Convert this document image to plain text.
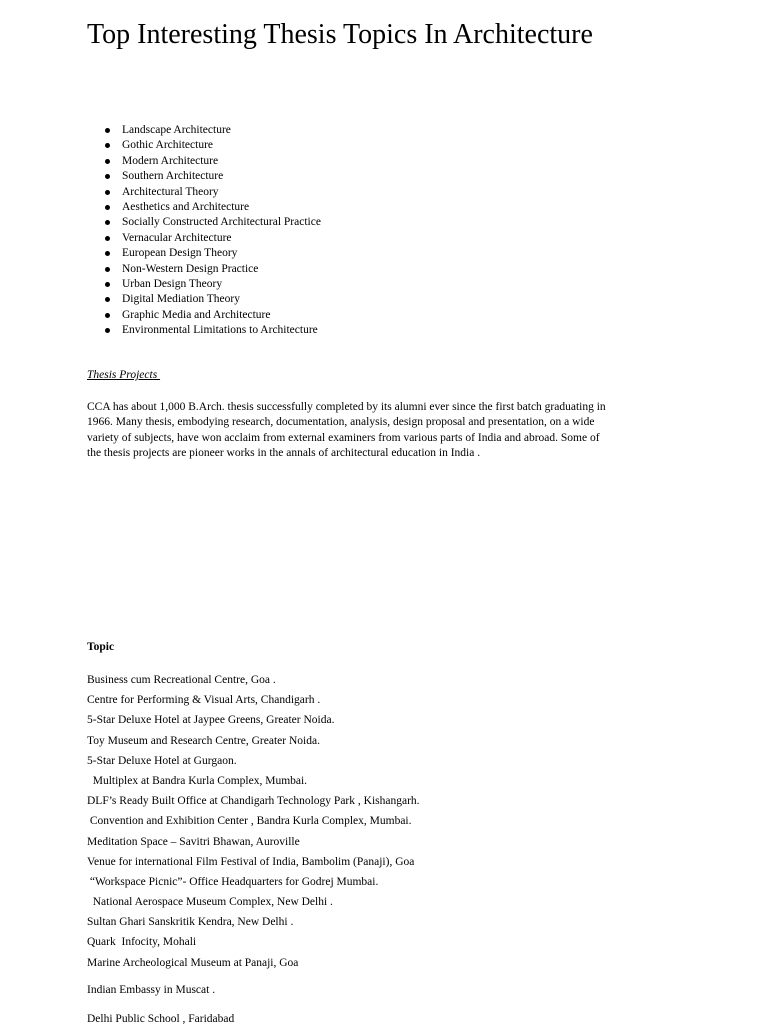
Top Interesting Thesis Topics In Architecture
Landscape Architecture
Gothic Architecture
Modern Architecture
Southern Architecture
Architectural Theory
Aesthetics and Architecture
Socially Constructed Architectural Practice
Vernacular Architecture
European Design Theory
Non-Western Design Practice
Urban Design Theory
Digital Mediation Theory
Graphic Media and Architecture
Environmental Limitations to Architecture
Thesis Projects

CCA has about 1,000 B.Arch. thesis successfully completed by its alumni ever since the first batch graduating in 1966. Many thesis, embodying research, documentation, analysis, design proposal and presentation, on a wide variety of subjects, have won acclaim from external examiners from various parts of India and abroad. Some of the thesis projects are pioneer works in the annals of architectural education in India .

Topic
Business cum Recreational Centre, Goa .
Centre for Performing & Visual Arts, Chandigarh .
5-Star Deluxe Hotel at Jaypee Greens, Greater Noida.
Toy Museum and Research Centre, Greater Noida.
5-Star Deluxe Hotel at Gurgaon.
Multiplex at Bandra Kurla Complex, Mumbai.
DLF’s Ready Built Office at Chandigarh Technology Park , Kishangarh.
Convention and Exhibition Center , Bandra Kurla Complex, Mumbai.
Meditation Space – Savitri Bhawan, Auroville
Venue for international Film Festival of India, Bambolim (Panaji), Goa
“Workspace Picnic”- Office Headquarters for Godrej Mumbai.
National Aerospace Museum Complex, New Delhi .
Sultan Ghari Sanskritik Kendra, New Delhi .
Quark  Infocity, Mohali
Marine Archeological Museum at Panaji, Goa
Indian Embassy in Muscat .
Delhi Public School , Faridabad
